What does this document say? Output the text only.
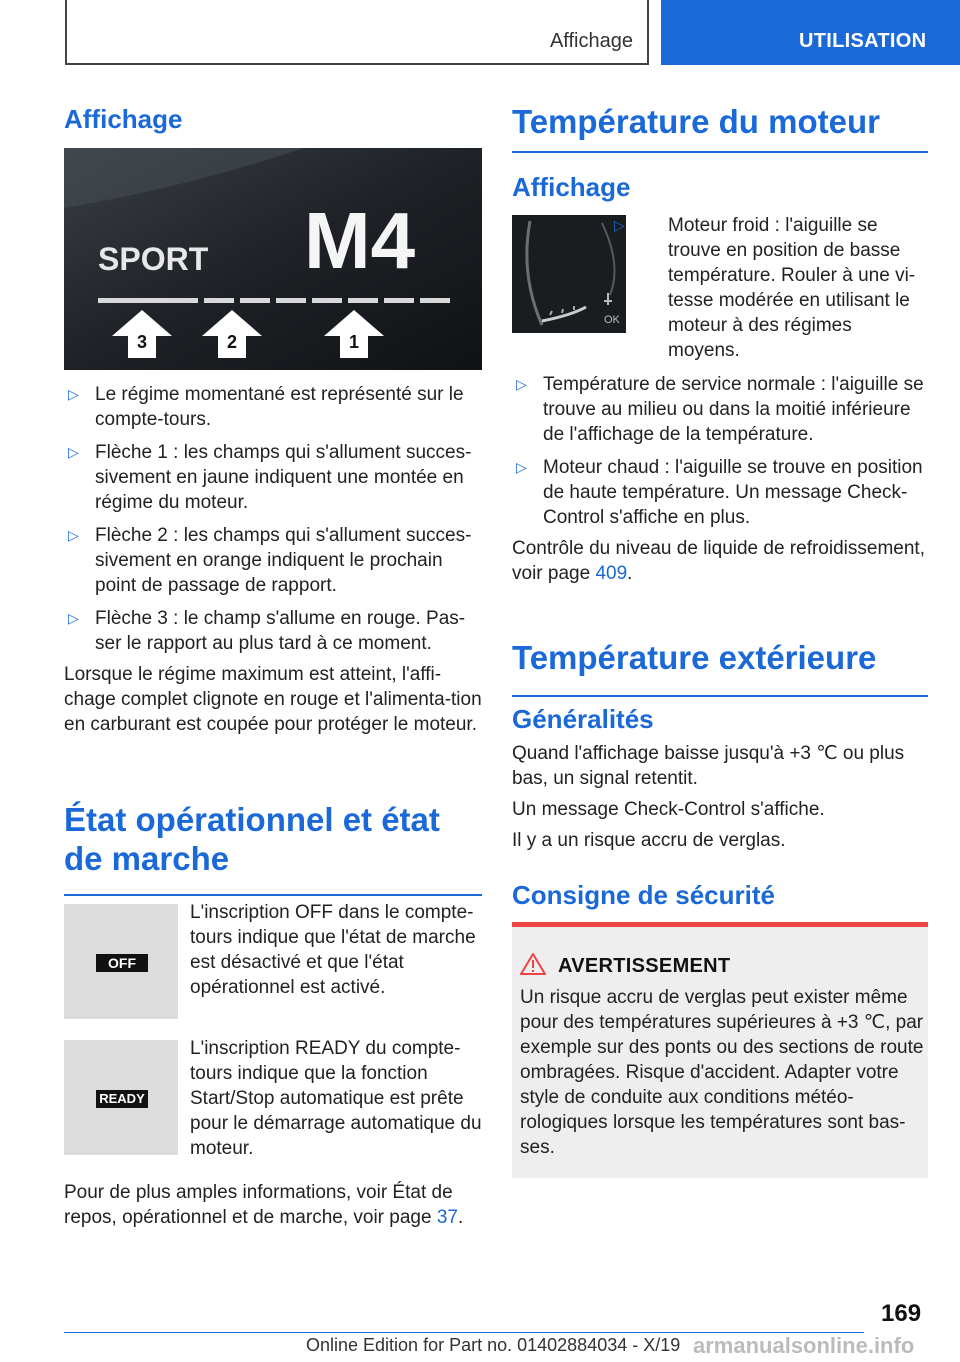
Affichage	UTILISATION
Affichage
SPORT M4
3	2	1
▷ Le régime momentané est représenté sur le compte-tours.
▷ Flèche 1 : les champs qui s'allument succes-sivement en jaune indiquent une montée en régime du moteur.
▷ Flèche 2 : les champs qui s'allument succes-sivement en orange indiquent le prochain point de passage de rapport.
▷ Flèche 3 : le champ s'allume en rouge. Pas-ser le rapport au plus tard à ce moment.

Lorsque le régime maximum est atteint, l'affi-chage complet clignote en rouge et l'alimenta-tion en carburant est coupée pour protéger le moteur.

État opérationnel et état de marche
OFF

L'inscription OFF dans le compte-tours indique que l'état de marche est désactivé et que l'état opérationnel est activé.

READY

L'inscription READY du compte-tours indique que la fonction Start/Stop automatique est prête pour le démarrage automatique du moteur.

Pour de plus amples informations, voir État de repos, opérationnel et de marche, voir page 37.

Température du moteur
Affichage
OK
▷ Moteur froid : l'aiguille se trouve en position de basse température. Rouler à une vi-tesse modérée en utilisant le moteur à des régimes moyens.
▷ Température de service normale : l'aiguille se trouve au milieu ou dans la moitié inférieure de l'affichage de la température.
▷ Moteur chaud : l'aiguille se trouve en position de haute température. Un message Check-Control s'affiche en plus.

Contrôle du niveau de liquide de refroidissement, voir page 409.

Température extérieure
Généralités

Quand l'affichage baisse jusqu'à +3 ℃ ou plus bas, un signal retentit.

Un message Check-Control s'affiche.

Il y a un risque accru de verglas.

Consigne de sécurité
AVERTISSEMENT

Un risque accru de verglas peut exister même pour des températures supérieures à +3 ℃, par exemple sur des ponts ou des sections de route ombragées. Risque d'accident. Adapter votre style de conduite aux conditions météo-rologiques lorsque les températures sont bas-ses.

169
armanualsonline.info
Online Edition for Part no. 01402884034 - X/19
